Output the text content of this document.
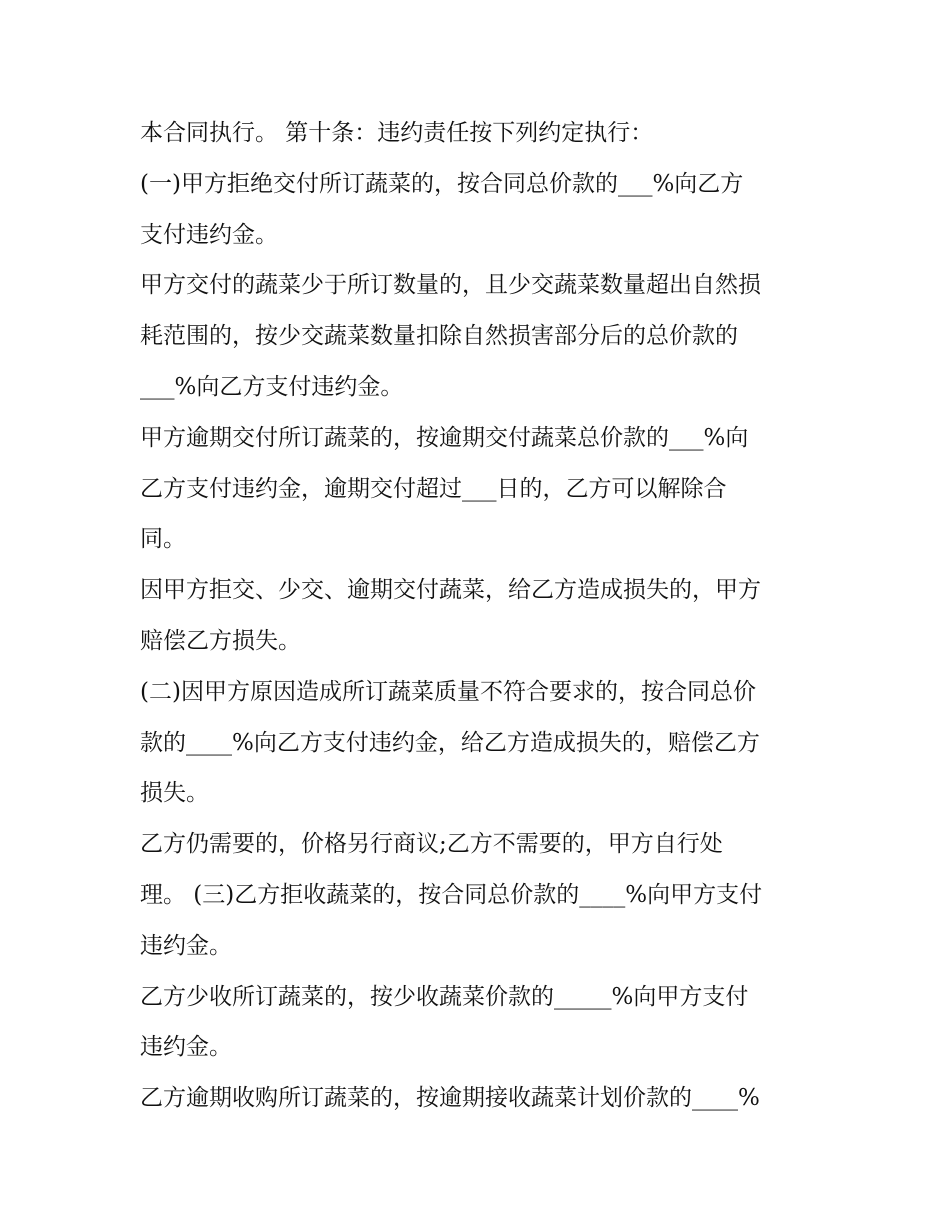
本合同执行。 第十条：违约责任按下列约定执行：
(一)甲方拒绝交付所订蔬菜的，按合同总价款的___%向乙方
支付违约金。
甲方交付的蔬菜少于所订数量的，且少交蔬菜数量超出自然损
耗范围的，按少交蔬菜数量扣除自然损害部分后的总价款的
___%向乙方支付违约金。
甲方逾期交付所订蔬菜的，按逾期交付蔬菜总价款的___%向
乙方支付违约金，逾期交付超过___日的，乙方可以解除合
同。
因甲方拒交、少交、逾期交付蔬菜，给乙方造成损失的，甲方
赔偿乙方损失。
(二)因甲方原因造成所订蔬菜质量不符合要求的，按合同总价
款的____%向乙方支付违约金，给乙方造成损失的，赔偿乙方
损失。
乙方仍需要的，价格另行商议;乙方不需要的，甲方自行处
理。 (三)乙方拒收蔬菜的，按合同总价款的____%向甲方支付
违约金。
乙方少收所订蔬菜的，按少收蔬菜价款的_____%向甲方支付
违约金。
乙方逾期收购所订蔬菜的，按逾期接收蔬菜计划价款的____%
